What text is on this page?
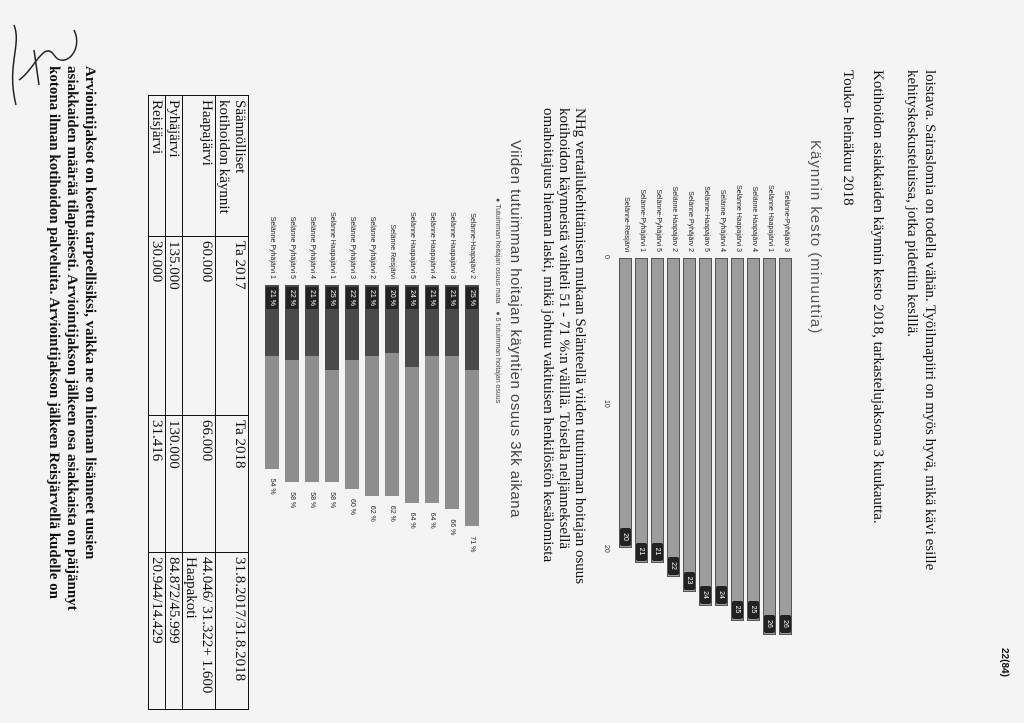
loistava. Sairaslomia on todella vähän. Työilmapiiri on myös hyvä, mikä kävi esille
kehityskeskusteluissa, jotka pidettiin keslllä.
Kotihoidon asiakkaiden käynnin kesto 2018, tarkastelujaksona 3 kuukautta.
Touko- heinäkuu 2018
Käynnin kesto (minuuttia)
Selänne-Pyhäjärv 3
26
Selänne Haapajärvi 1
26
Selänne Haapajärv 4
25
Selänne Haapajärvi 3
25
Selänne Pyhäjärvi 4
24
Selänne-Haapajärv 5
24
Selänne Pyhäjärv 2
23
Selänne Haapajärv 2
22
Selänne-Pyhäjärvi 5
21
Selänne-Pyhäjärvi 1
21
Selänne-Reisjärvi
20
0
10
20
NHg vertailukehittämisen mukaan Selänteellä viiden tutuimman hoitajan osuus
kotihoidon käynneistä vaihteli 51 - 71 %:n välillä. Toisella neljänneksellä
omahoitajuus hieman laski, mikä johtuu vakituisen henkilöstön kesälomista
Viiden tutuimman hoitajan käyntien osuus 3kk aikana
● Tutuimman hoitajan osuus mata ● 5 tutuimman hoitajan osuus
Selänne-Haapajärv 2
25 %
71 %
Selänne Haapajärvi 3
21 %
66 %
Selänne Haapajärvi 4
21 %
64 %
Selänne Haapajärvi 5
24 %
64 %
Selänne Reisjärvi
20 %
62 %
Selänne Pyhäjärvi 2
21 %
62 %
Selänne Pyhäjärvi 3
22 %
60 %
Selänne Haapajärvi 1
25 %
58 %
Selänne Pyhäjärvi 4
21 %
58 %
Selänne Pyhäjärvi 5
22 %
58 %
Selänne Pyhäjärvi 1
21 %
54 %
Säännölliset kotihoidon käynnit	Ta 2017	Ta 2018	31.8.2017/31.8.2018
Haapajärvi	60.000	66.000	44.046/ 31.322+ 1.600 Haapakoti
Pyhäjärvi	135.000	130.000	84.872/45.999
Reisjärvi	30.000	31.416	20.944/14.429
Arviointijaksot on koettu tarpeellisiksi, vaikka ne on hieman lisänneet uusien
asiakkaiden määrää tilapäisesti. Arviointijakson jälkeen osa asiakkaista on päijännyt
kotona ilman kotihoidon palveluita. Arviointijakson jälkeen Reisjärvellä kudelle on
22(84)
